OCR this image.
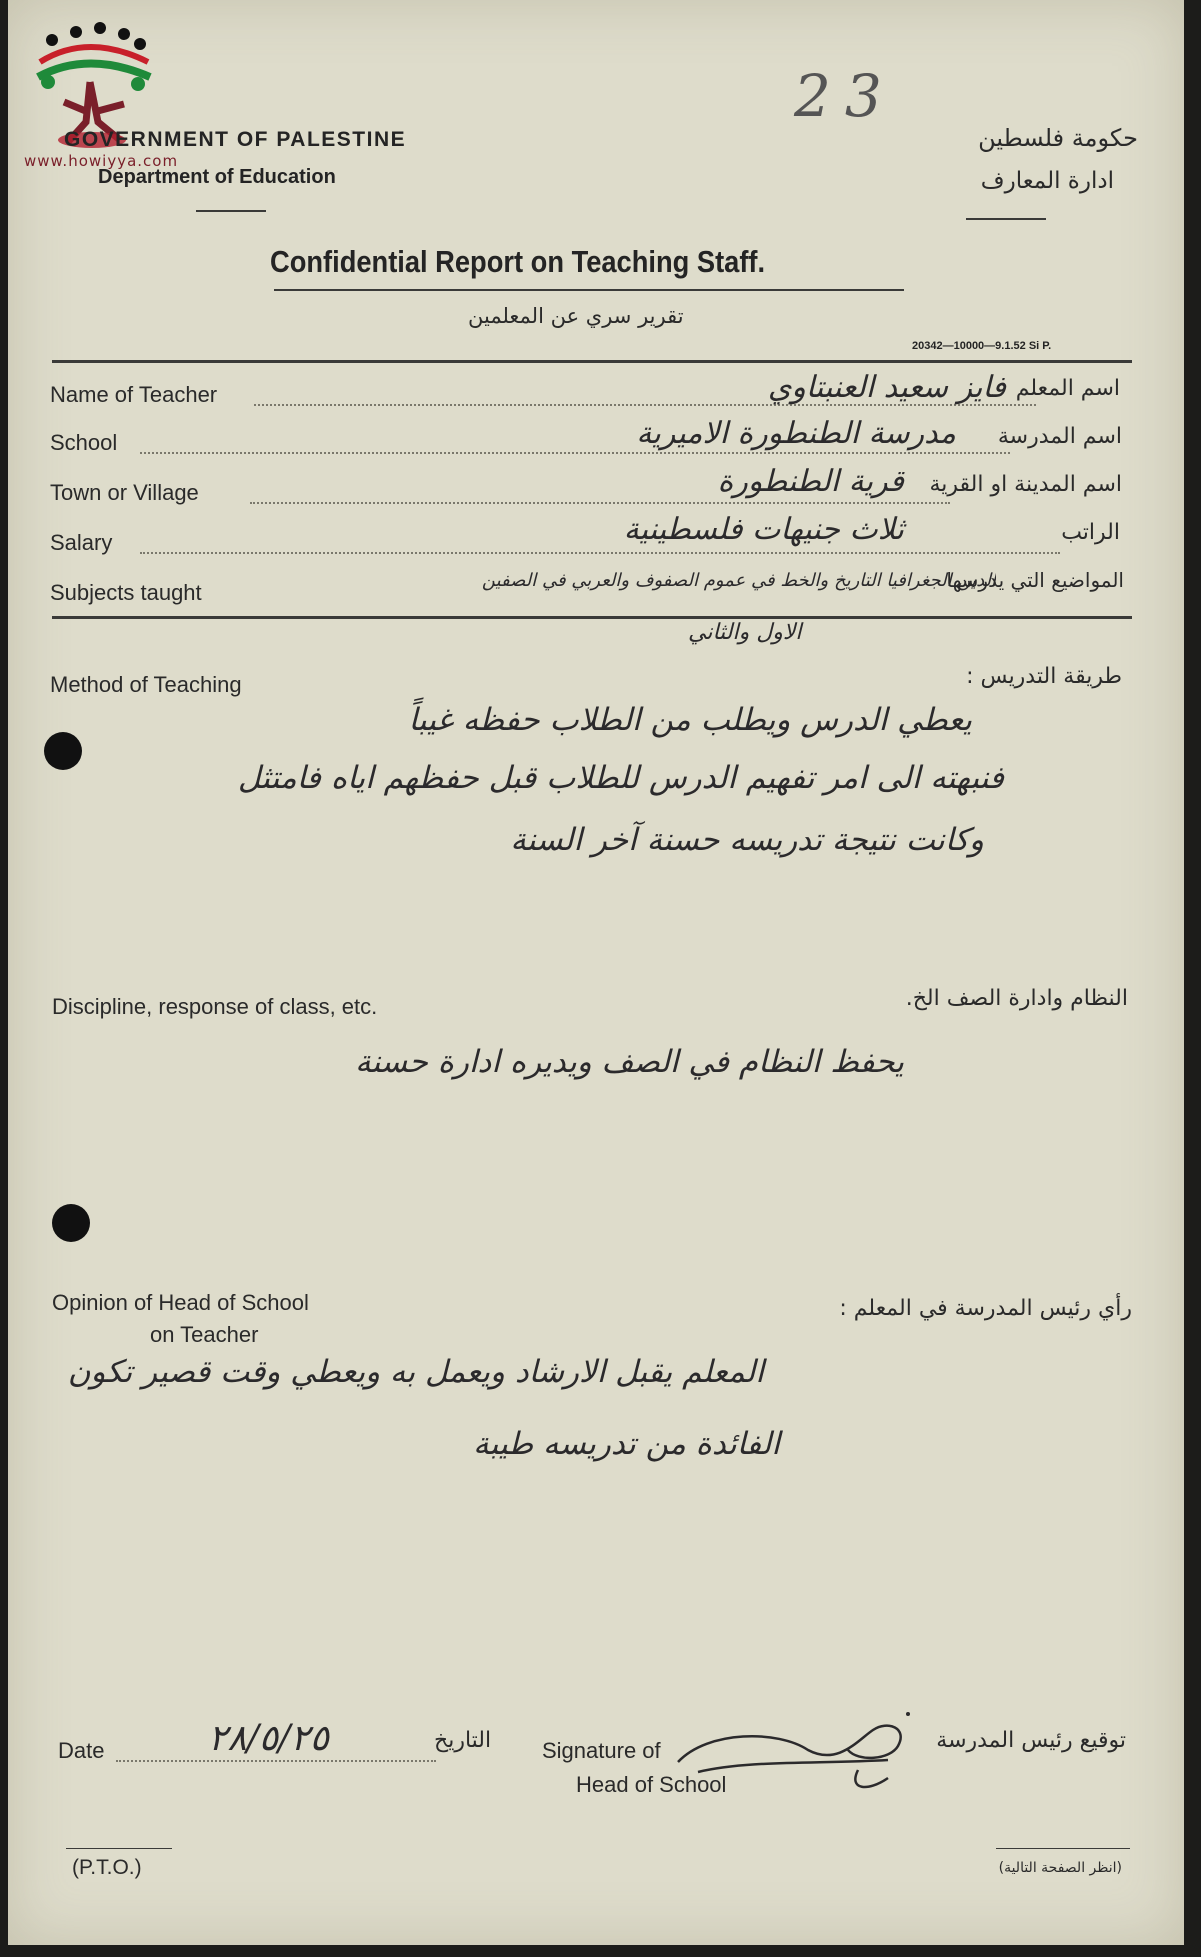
www.howiyya.com
GOVERNMENT OF PALESTINE
Department of Education
23
حكومة فلسطين
ادارة المعارف
Confidential Report on Teaching Staff.
تقرير سري عن المعلمين
20342—10000—9.1.52 Si P.
Name of Teacher	فايز سعيد العنبتاوي اسم المعلم
School	مدرسة الطنطورة الاميرية اسم المدرسة
Town or Village	قرية الطنطورة اسم المدينة او القرية
Salary	ثلاث جنيهات فلسطينية	الراتب
Subjects taught	الدين الجغرافيا التاريخ والخط في عموم الصفوف والعربي في الصفين
المواضيع التي يدرسها
الاول والثاني
Method of Teaching	طريقة التدريس :
يعطي الدرس ويطلب من الطلاب حفظه غيباً
فنبهته الى امر تفهيم الدرس للطلاب قبل حفظهم اياه فامتثل
وكانت نتيجة تدريسه حسنة آخر السنة
Discipline, response of class, etc.	النظام وادارة الصف الخ.
يحفظ النظام في الصف ويديره ادارة حسنة
Opinion of Head of School
on Teacher
رأي رئيس المدرسة في المعلم :
المعلم يقبل الارشاد ويعمل به ويعطي وقت قصير تكون
الفائدة من تدريسه طيبة
Date	٢٨/٥/٢٥	التاريخ Signature of
Head of School
توقيع رئيس المدرسة
(P.T.O.)	(انظر الصفحة التالية)
